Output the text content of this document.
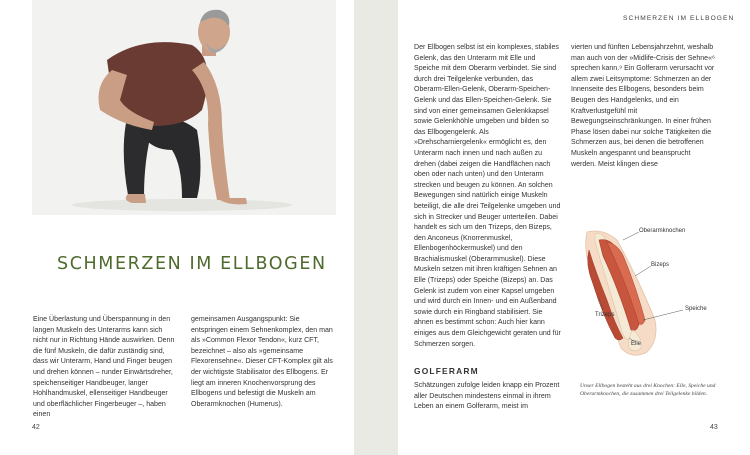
SCHMERZEN IM ELLBOGEN
Eine Überlastung und Überspannung in den langen Muskeln des Unterarms kann sich nicht nur in Richtung Hände auswirken. Denn die fünf Muskeln, die dafür zuständig sind, dass wir Unterarm, Hand und Finger beugen und drehen können – runder Einwärtsdreher, speichenseitiger Handbeuger, langer Hohlhandmuskel, ellenseitiger Handbeuger und oberflächlicher Fingerbeuger –, haben einen
gemeinsamen Ausgangspunkt: Sie entspringen einem Sehnenkomplex, den man als »Common Flexor Tendon«, kurz CFT, bezeichnet – also als »gemeinsame Flexorensehne«. Dieser CFT-Komplex gilt als der wichtigste Stabilisator des Ellbogens. Er liegt am inneren Knochenvorsprung des Ellbogens und befestigt die Muskeln am Oberarmknochen (Humerus).
42
SCHMERZEN IM ELLBOGEN
Der Ellbogen selbst ist ein komplexes, stabiles Gelenk, das den Unterarm mit Elle und Speiche mit dem Oberarm verbindet. Sie sind durch drei Teilgelenke verbunden, das Oberarm-Ellen-Gelenk, Oberarm-Speichen-Gelenk und das Ellen-Speichen-Gelenk. Sie sind von einer gemeinsamen Gelenkkapsel sowie Gelenkhöhle umgeben und bilden so das Ellbogengelenk. Als »Drehscharniergelenk« ermöglicht es, den Unterarm nach innen und nach außen zu drehen (dabei zeigen die Handflächen nach oben oder nach unten) und den Unterarm strecken und beugen zu können. An solchen Bewegungen sind natürlich einige Muskeln beteiligt, die alle drei Teilgelenke umgeben und sich in Strecker und Beuger unterteilen. Dabei handelt es sich um den Trizeps, den Bizeps, den Anconeus (Knorrenmuskel, Ellenbogenhöckermuskel) und den Brachialismuskel (Oberarmmuskel). Diese Muskeln setzen mit ihren kräftigen Sehnen an Elle (Trizeps) oder Speiche (Bizeps) an. Das Gelenk ist zudem von einer Kapsel umgeben und wird durch ein Innen- und ein Außenband sowie durch ein Ringband stabilisiert. Sie ahnen es bestimmt schon: Auch hier kann einiges aus dem Gleichgewicht geraten und für Schmerzen sorgen.
vierten und fünften Lebensjahrzehnt, weshalb man auch von der »Midlife-Crisis der Sehne«⁶ sprechen kann.⁹ Ein Golferarm verursacht vor allem zwei Leitsymptome: Schmerzen an der Innenseite des Ellbogens, besonders beim Beugen des Handgelenks, und ein Kraftverlustgefühl mit Bewegungseinschränkungen. In einer frühen Phase lösen dabei nur solche Tätigkeiten die Schmerzen aus, bei denen die betroffenen Muskeln angespannt und beansprucht werden. Meist klingen diese
GOLFERARM
Schätzungen zufolge leiden knapp ein Prozent aller Deutschen mindestens einmal in ihrem Leben an einem Golferarm, meist im
Oberarmknochen
Bizeps
Speiche
Trizeps
Elle
Unser Ellbogen besteht aus drei Knochen: Elle, Speiche und Oberarmknochen, die zusammen drei Teilgelenke bilden.
43
